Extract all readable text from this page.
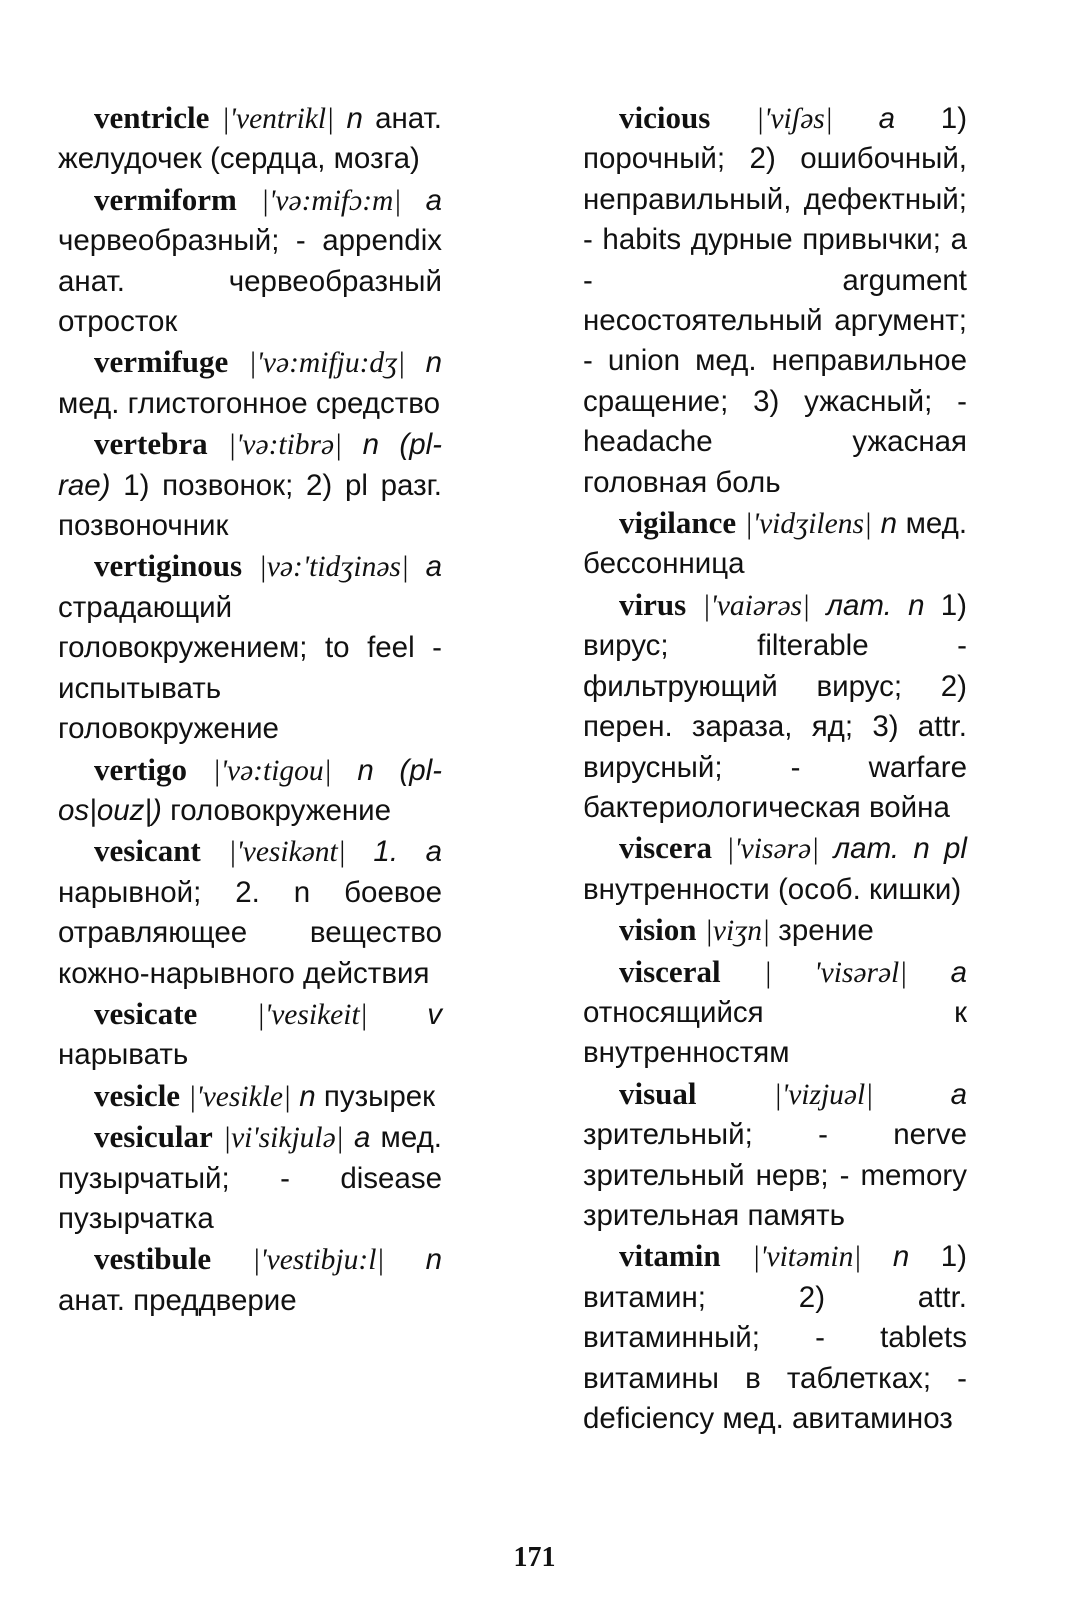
ventricle |'ventrikl| n анат. желудочек (сердца, мозга)

vermiform |'və:mifɔ:m| a червеобразный; - appendix анат. червеобразный отросток

vermifuge |'və:mifju:dʒ| n мед. глистогонное средство

vertebra |'və:tibrə| n (pl-rae) 1) позвонок; 2) pl разг. позвоночник

vertiginous |və:'tidʒinəs| a страдающий головокружением; to feel - испытывать головокружение

vertigo |'və:tigou| n (pl-os|ouz|) головокружение

vesicant |'vesikənt| 1. a нарывной; 2. n боевое отравляющее вещество кожно-нарывного действия

vesicate |'vesikeit| v нарывать

vesicle |'vesikle| n пузырек

vesicular |vi'sikjulə| a мед. пузырчатый; - disease пузырчатка

vestibule |'vestibju:l| n анат. преддверие

vicious |'viʃəs| a 1) порочный; 2) ошибочный, неправильный, дефектный; - habits дурные привычки; a - argument несостоятельный аргумент; - union мед. неправильное сращение; 3) ужасный; - headache ужасная головная боль

vigilance |'vidʒilens| n мед. бессонница

virus |'vaiərəs| лат. n 1) вирус; filterable - фильтрующий вирус; 2) перен. зараза, яд; 3) attr. вирусный; - warfare бактериологическая война

viscera |'visərə| лат. n pl внутренности (особ. кишки)

vision |viʒn| зрение

visceral | 'visərəl| a относящийся к внутренностям

visual	|'vizjuəl|	a зрительный; - nerve зрительный нерв; - memory зрительная память

vitamin |'vitəmin| n 1) витамин; 2) attr. витаминный; - tablets витамины в таблетках; - deficiency мед. авитаминоз

171
